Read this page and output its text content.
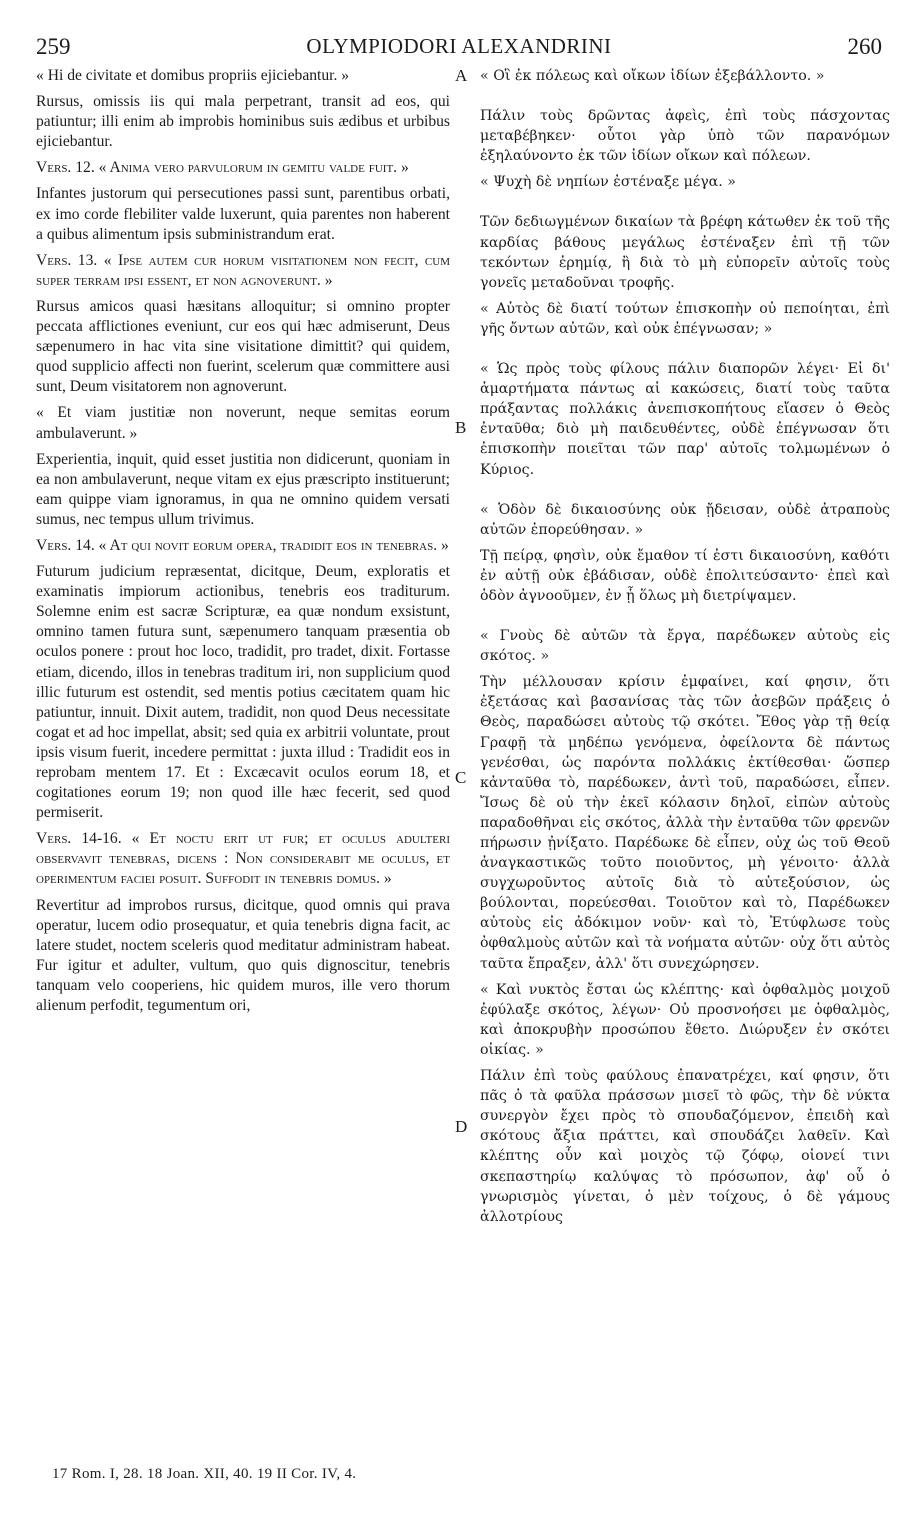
259	OLYMPIODORI ALEXANDRINI	260
A
B
C
D

« Hi de civitate et domibus propriis ejiciebantur. »

Rursus, omissis iis qui mala perpetrant, transit ad eos, qui patiuntur; illi enim ab improbis hominibus suis ædibus et urbibus ejiciebantur.

Vers. 12. « Anima vero parvulorum in gemitu valde fuit. »

Infantes justorum qui persecutiones passi sunt, parentibus orbati, ex imo corde flebiliter valde luxerunt, quia parentes non haberent a quibus alimentum ipsis subministrandum erat.

Vers. 13. « Ipse autem cur horum visitationem non fecit, cum super terram ipsi essent, et non agnoverunt. »

Rursus amicos quasi hæsitans alloquitur; si omnino propter peccata afflictiones eveniunt, cur eos qui hæc admiserunt, Deus sæpenumero in hac vita sine visitatione dimittit? qui quidem, quod supplicio affecti non fuerint, scelerum quæ committere ausi sunt, Deum visitatorem non agnoverunt.

« Et viam justitiæ non noverunt, neque semitas eorum ambulaverunt. »

Experientia, inquit, quid esset justitia non didicerunt, quoniam in ea non ambulaverunt, neque vitam ex ejus præscripto instituerunt; eam quippe viam ignoramus, in qua ne omnino quidem versati sumus, nec tempus ullum trivimus.

Vers. 14. « At qui novit eorum opera, tradidit eos in tenebras. »

Futurum judicium repræsentat, dicitque, Deum, exploratis et examinatis impiorum actionibus, tenebris eos traditurum. Solemne enim est sacræ Scripturæ, ea quæ nondum exsistunt, omnino tamen futura sunt, sæpenumero tanquam præsentia ob oculos ponere : prout hoc loco, tradidit, pro tradet, dixit. Fortasse etiam, dicendo, illos in tenebras traditum iri, non supplicium quod illic futurum est ostendit, sed mentis potius cæcitatem quam hic patiuntur, innuit. Dixit autem, tradidit, non quod Deus necessitate cogat et ad hoc impellat, absit; sed quia ex arbitrii voluntate, prout ipsis visum fuerit, incedere permittat : juxta illud : Tradidit eos in reprobam mentem 17. Et : Excæcavit oculos eorum 18, et cogitationes eorum 19; non quod ille hæc fecerit, sed quod permiserit.

Vers. 14-16. « Et noctu erit ut fur; et oculus adulteri observavit tenebras, dicens : Non considerabit me oculus, et operimentum faciei posuit. Suffodit in tenebris domus. »

Revertitur ad improbos rursus, dicitque, quod omnis qui prava operatur, lucem odio prosequatur, et quia tenebris digna facit, ac latere studet, noctem sceleris quod meditatur administram habeat. Fur igitur et adulter, vultum, quo quis dignoscitur, tenebris tanquam velo cooperiens, hic quidem muros, ille vero thorum alienum perfodit, tegumentum ori,

« Οἳ ἐκ πόλεως καὶ οἴκων ἰδίων ἐξεβάλλοντο. »

Πάλιν τοὺς δρῶντας ἀφεὶς, ἐπὶ τοὺς πάσχοντας μεταβέβηκεν· οὗτοι γὰρ ὑπὸ τῶν παρανόμων ἐξηλαύνοντο ἐκ τῶν ἰδίων οἴκων καὶ πόλεων.

« Ψυχὴ δὲ νηπίων ἐστέναξε μέγα. »

Τῶν δεδιωγμένων δικαίων τὰ βρέφη κάτωθεν ἐκ τοῦ τῆς καρδίας βάθους μεγάλως ἐστέναξεν ἐπὶ τῇ τῶν τεκόντων ἐρημίᾳ, ἢ διὰ τὸ μὴ εὐπορεῖν αὐτοῖς τοὺς γονεῖς μεταδοῦναι τροφῆς.

« Αὐτὸς δὲ διατί τούτων ἐπισκοπὴν οὐ πεποίηται, ἐπὶ γῆς ὄντων αὐτῶν, καὶ οὐκ ἐπέγνωσαν; »

« Ὡς πρὸς τοὺς φίλους πάλιν διαπορῶν λέγει· Εἰ δι' ἁμαρτήματα πάντως αἱ κακώσεις, διατί τοὺς ταῦτα πράξαντας πολλάκις ἀνεπισκοπήτους εἴασεν ὁ Θεὸς ἐνταῦθα; διὸ μὴ παιδευθέντες, οὐδὲ ἐπέγνωσαν ὅτι ἐπισκοπὴν ποιεῖται τῶν παρ' αὐτοῖς τολμωμένων ὁ Κύριος.

« Ὁδὸν δὲ δικαιοσύνης οὐκ ᾔδεισαν, οὐδὲ ἀτραποὺς αὐτῶν ἐπορεύθησαν. »

Τῇ πείρᾳ, φησὶν, οὐκ ἔμαθον τί ἐστι δικαιοσύνη, καθότι ἐν αὐτῇ οὐκ ἐβάδισαν, οὐδὲ ἐπολιτεύσαντο· ἐπεὶ καὶ ὁδὸν ἀγνοοῦμεν, ἐν ᾗ ὅλως μὴ διετρίψαμεν.

« Γνοὺς δὲ αὐτῶν τὰ ἔργα, παρέδωκεν αὐτοὺς εἰς σκότος. »

Τὴν μέλλουσαν κρίσιν ἐμφαίνει, καί φησιν, ὅτι ἐξετάσας καὶ βασανίσας τὰς τῶν ἀσεβῶν πράξεις ὁ Θεὸς, παραδώσει αὐτοὺς τῷ σκότει. Ἔθος γὰρ τῇ θείᾳ Γραφῇ τὰ μηδέπω γενόμενα, ὀφείλοντα δὲ πάντως γενέσθαι, ὡς παρόντα πολλάκις ἐκτίθεσθαι· ὥσπερ κἀνταῦθα τὸ, παρέδωκεν, ἀντὶ τοῦ, παραδώσει, εἶπεν. Ἴσως δὲ οὐ τὴν ἐκεῖ κόλασιν δηλοῖ, εἰπὼν αὐτοὺς παραδοθῆναι εἰς σκότος, ἀλλὰ τὴν ἐνταῦθα τῶν φρενῶν πήρωσιν ᾐνίξατο. Παρέδωκε δὲ εἶπεν, οὐχ ὡς τοῦ Θεοῦ ἀναγκαστικῶς τοῦτο ποιοῦντος, μὴ γένοιτο· ἀλλὰ συγχωροῦντος αὐτοῖς διὰ τὸ αὐτεξούσιον, ὡς βούλονται, πορεύεσθαι. Τοιοῦτον καὶ τὸ, Παρέδωκεν αὐτοὺς εἰς ἀδόκιμον νοῦν· καὶ τὸ, Ἐτύφλωσε τοὺς ὀφθαλμοὺς αὐτῶν καὶ τὰ νοήματα αὐτῶν· οὐχ ὅτι αὐτὸς ταῦτα ἔπραξεν, ἀλλ' ὅτι συνεχώρησεν.

« Καὶ νυκτὸς ἔσται ὡς κλέπτης· καὶ ὀφθαλμὸς μοιχοῦ ἐφύλαξε σκότος, λέγων· Οὐ προσνοήσει με ὀφθαλμὸς, καὶ ἀποκρυβὴν προσώπου ἔθετο. Διώρυξεν ἐν σκότει οἰκίας. »

Πάλιν ἐπὶ τοὺς φαύλους ἐπανατρέχει, καί φησιν, ὅτι πᾶς ὁ τὰ φαῦλα πράσσων μισεῖ τὸ φῶς, τὴν δὲ νύκτα συνεργὸν ἔχει πρὸς τὸ σπουδαζόμενον, ἐπειδὴ καὶ σκότους ἄξια πράττει, καὶ σπουδάζει λαθεῖν. Καὶ κλέπτης οὖν καὶ μοιχὸς τῷ ζόφῳ, οἱονεί τινι σκεπαστηρίῳ καλύψας τὸ πρόσωπον, ἀφ' οὗ ὁ γνωρισμὸς γίνεται, ὁ μὲν τοίχους, ὁ δὲ γάμους ἀλλοτρίους

17 Rom. I, 28. 18 Joan. XII, 40. 19 II Cor. IV, 4.
